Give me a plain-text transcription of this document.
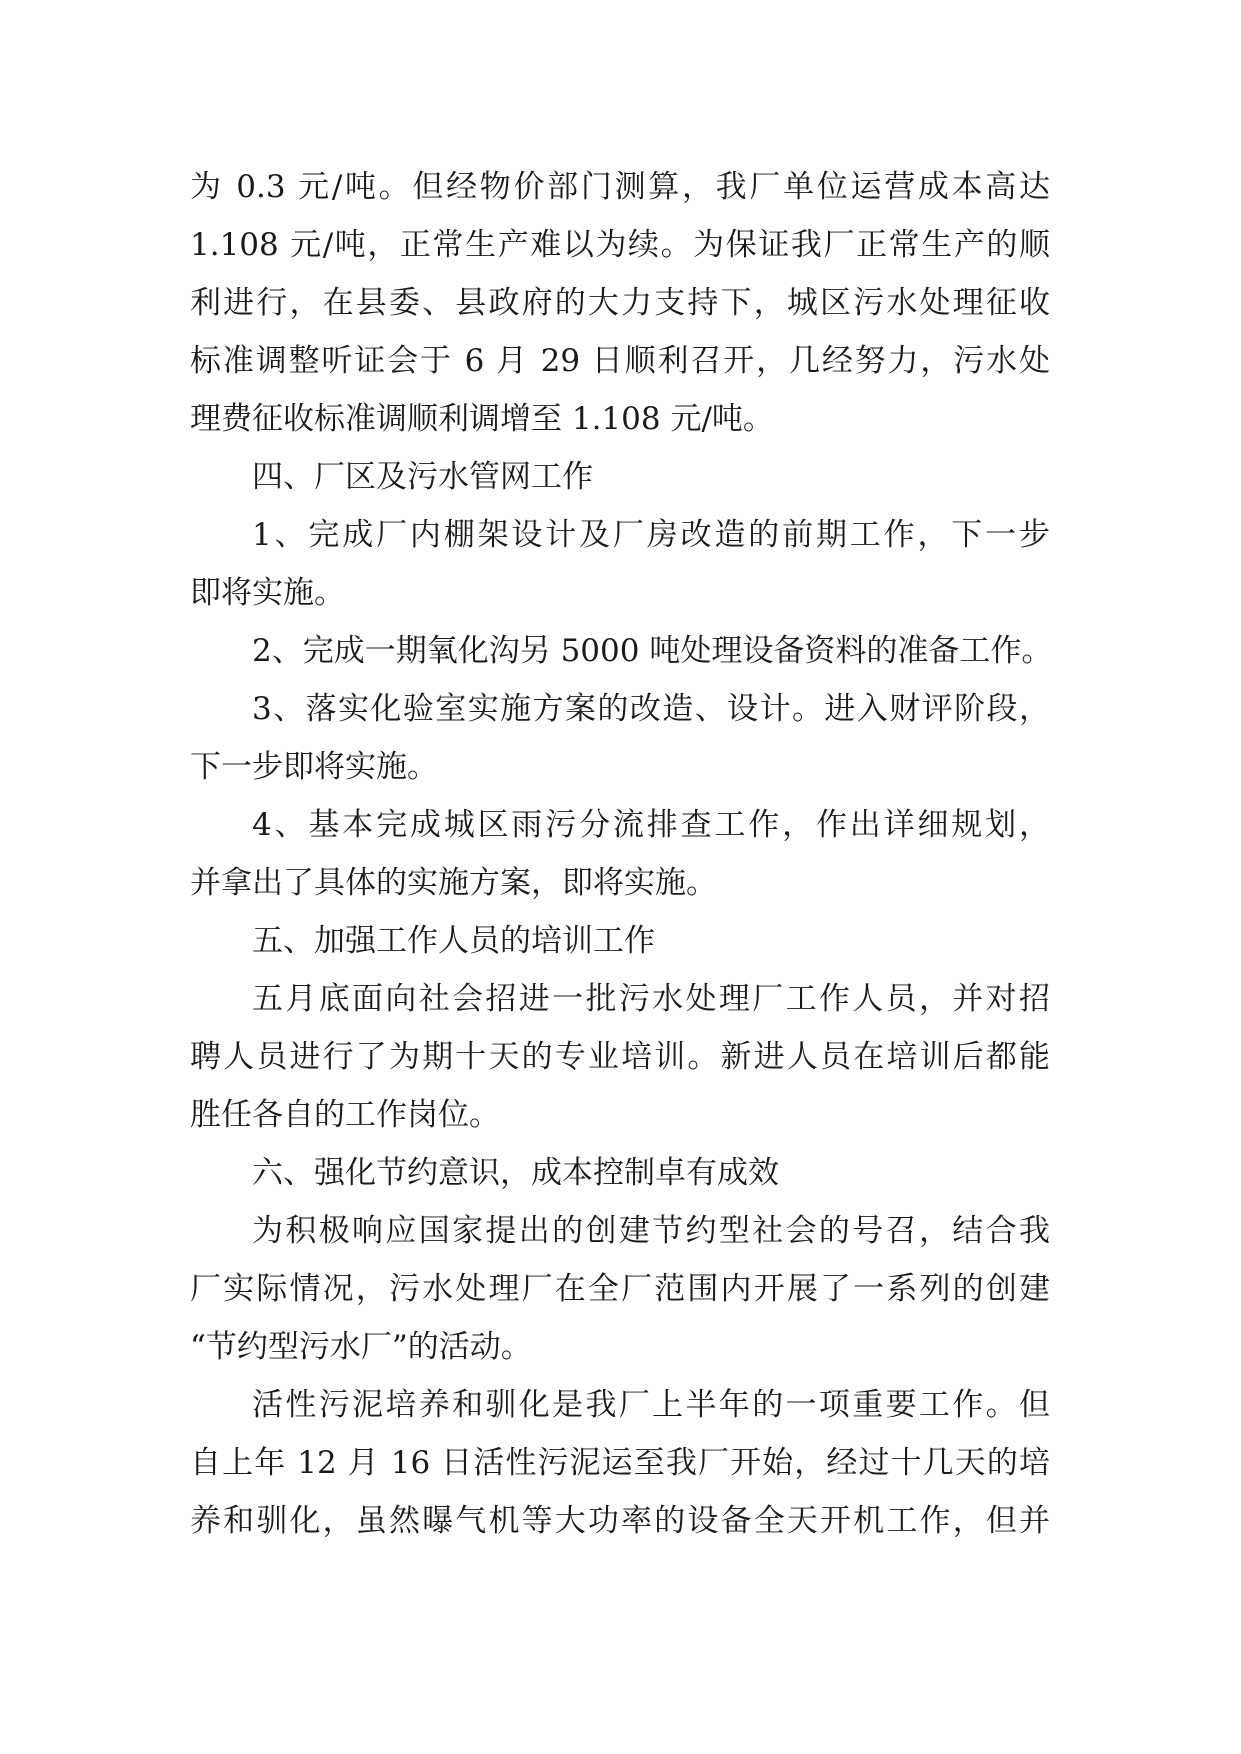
为 0.3 元/吨。但经物价部门测算，我厂单位运营成本高达
1.108 元/吨，正常生产难以为续。为保证我厂正常生产的顺
利进行，在县委、县政府的大力支持下，城区污水处理征收
标准调整听证会于 6 月 29 日顺利召开，几经努力，污水处
理费征收标准调顺利调增至 1.108 元/吨。
四、厂区及污水管网工作
1、完成厂内棚架设计及厂房改造的前期工作，下一步
即将实施。
2、完成一期氧化沟另 5000 吨处理设备资料的准备工作。
3、落实化验室实施方案的改造、设计。进入财评阶段，
下一步即将实施。
4、基本完成城区雨污分流排查工作，作出详细规划，
并拿出了具体的实施方案，即将实施。
五、加强工作人员的培训工作
五月底面向社会招进一批污水处理厂工作人员，并对招
聘人员进行了为期十天的专业培训。新进人员在培训后都能
胜任各自的工作岗位。
六、强化节约意识，成本控制卓有成效
为积极响应国家提出的创建节约型社会的号召，结合我
厂实际情况，污水处理厂在全厂范围内开展了一系列的创建
“节约型污水厂”的活动。
活性污泥培养和驯化是我厂上半年的一项重要工作。但
自上年 12 月 16 日活性污泥运至我厂开始，经过十几天的培
养和驯化，虽然曝气机等大功率的设备全天开机工作，但并
